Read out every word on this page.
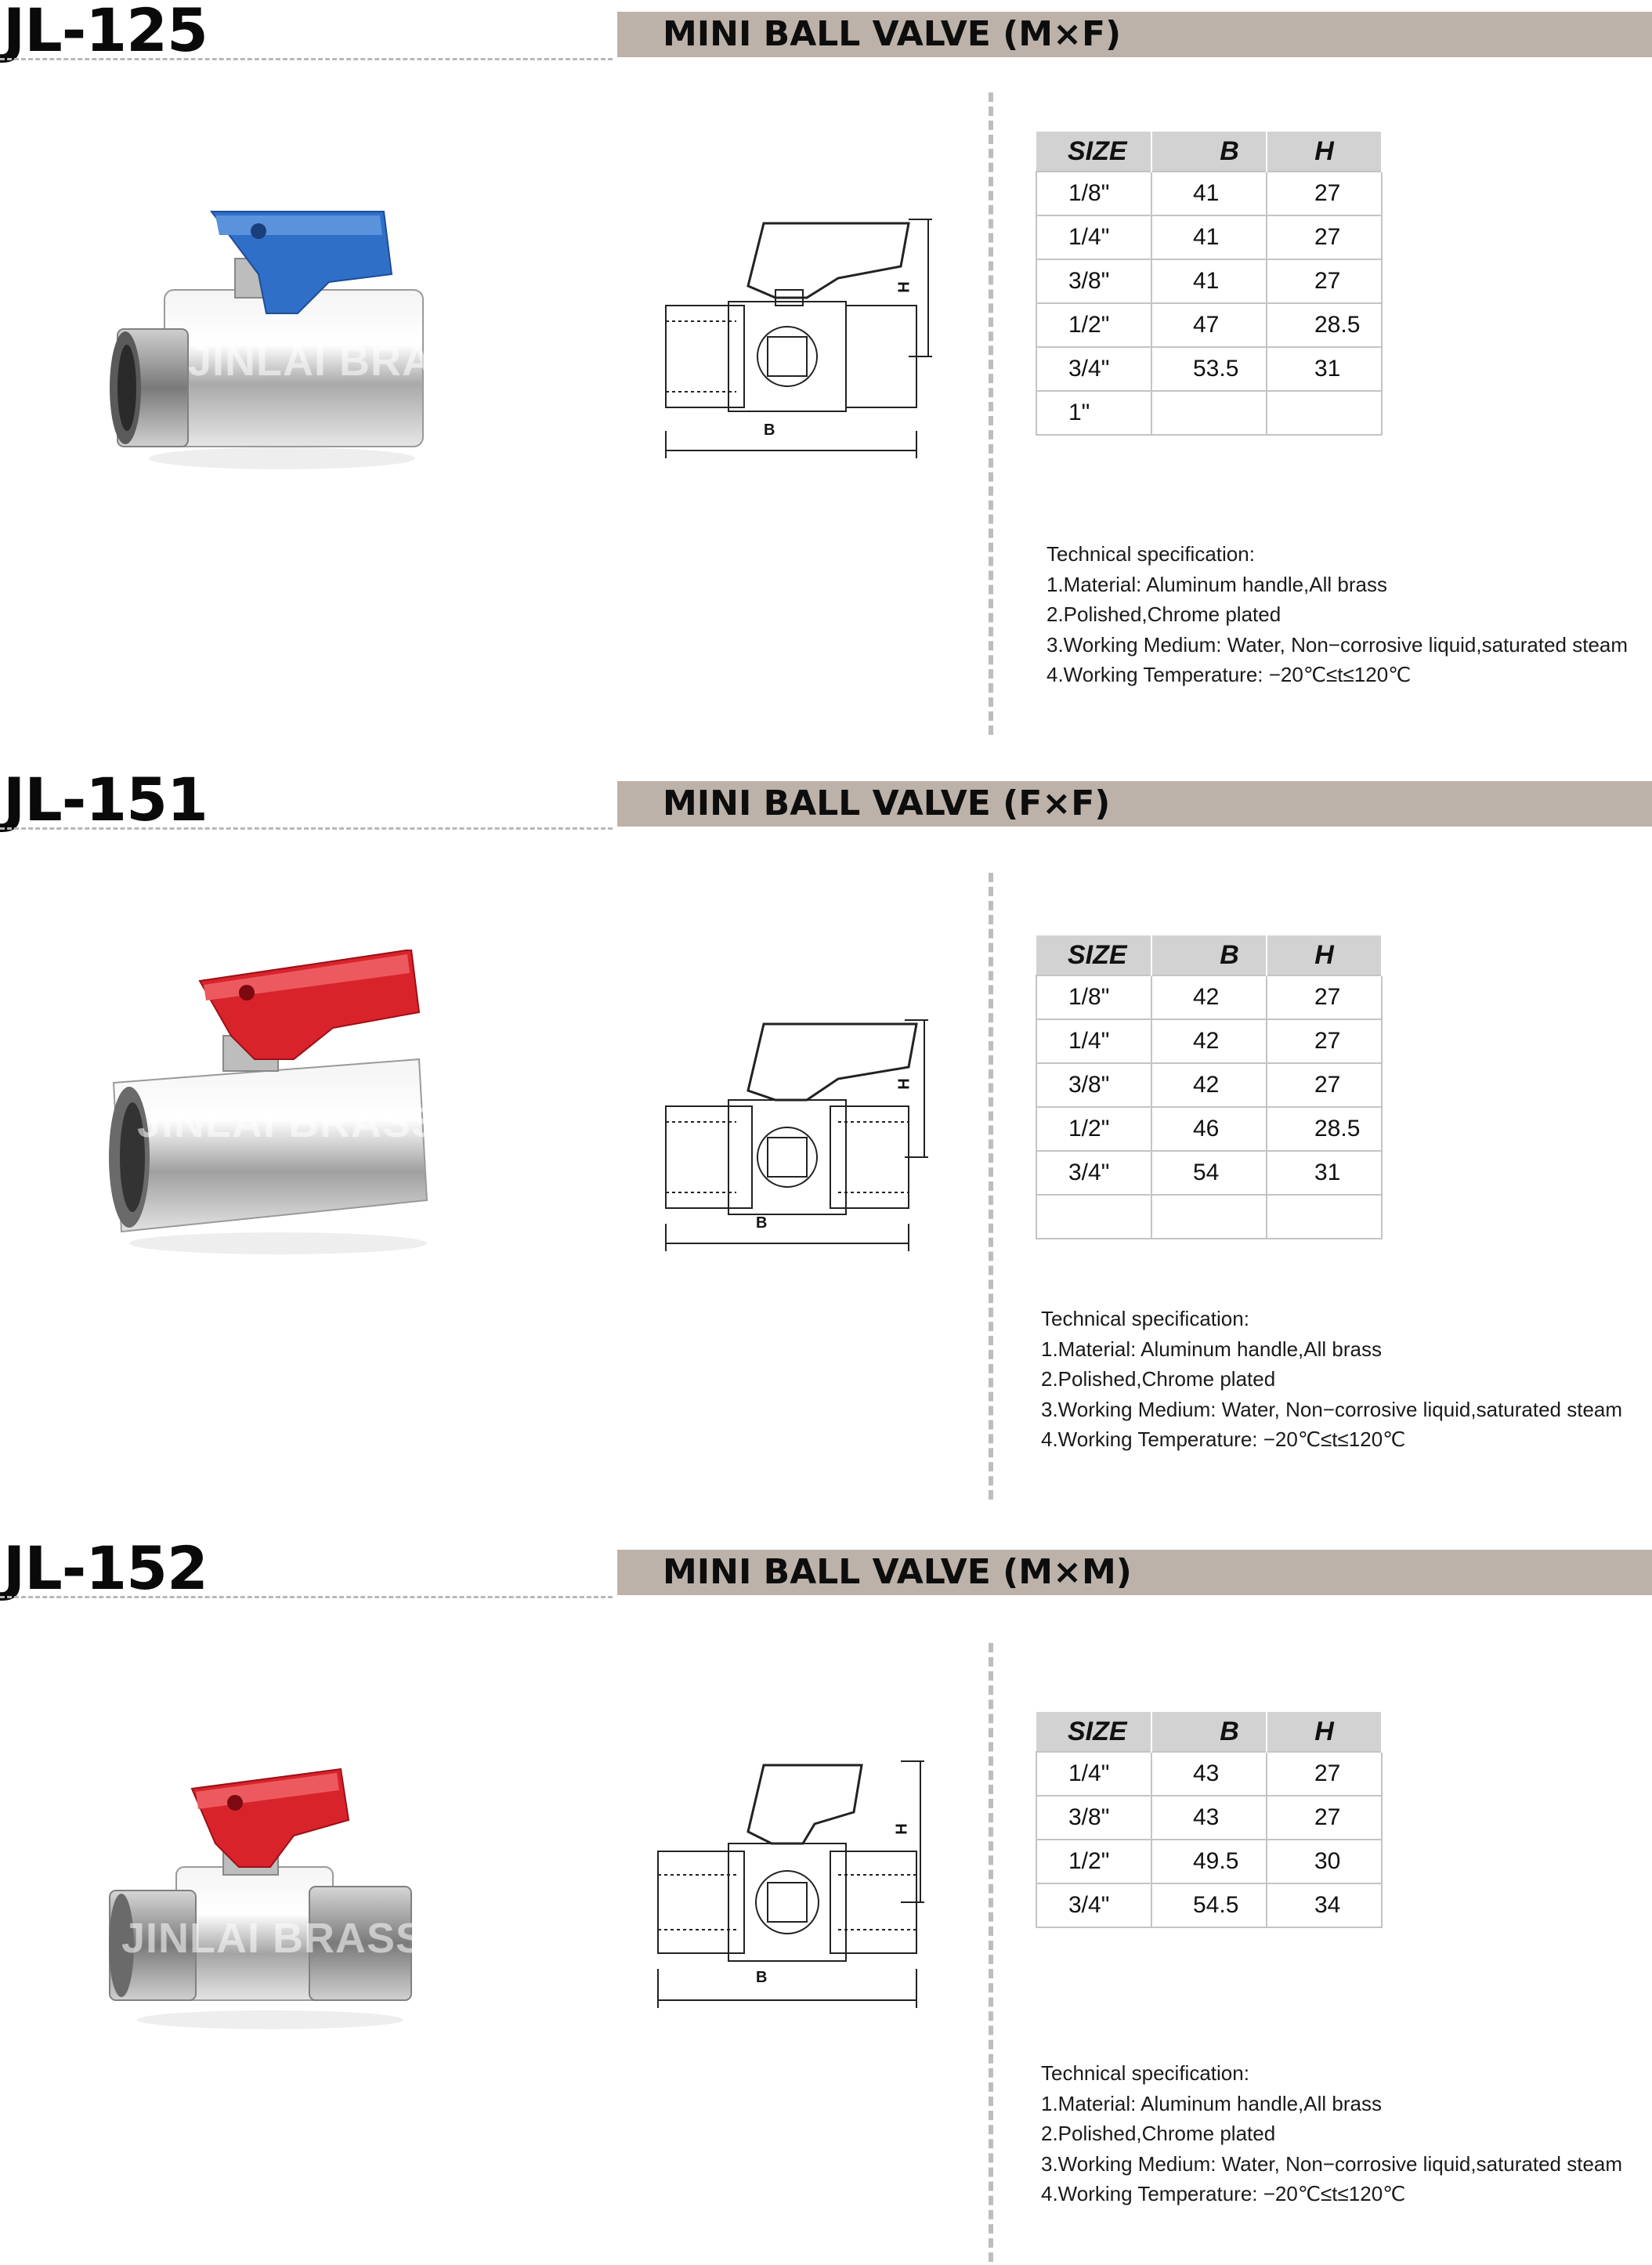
JL-125	MINI BALL VALVE (M×F)
JINLAI BRASS
B
H
SIZE	B	H
1/8"	41	27
1/4"	41	27
3/8"	41	27
1/2"	47	28.5
3/4"	53.5	31
1"		
Technical specification:
1.Material: Aluminum handle,All brass
2.Polished,Chrome plated
3.Working Medium: Water, Non−corrosive liquid,saturated steam
4.Working Temperature: −20℃≤t≤120℃
JL-151	MINI BALL VALVE (F×F)
JINLAI BRASS
B
H
SIZE	B	H
1/8"	42	27
1/4"	42	27
3/8"	42	27
1/2"	46	28.5
3/4"	54	31

Technical specification:
1.Material: Aluminum handle,All brass
2.Polished,Chrome plated
3.Working Medium: Water, Non−corrosive liquid,saturated steam
4.Working Temperature: −20℃≤t≤120℃
JL-152	MINI BALL VALVE (M×M)
JINLAI BRASS
B
H
SIZE	B	H
1/4"	43	27
3/8"	43	27
1/2"	49.5	30
3/4"	54.5	34
Technical specification:
1.Material: Aluminum handle,All brass
2.Polished,Chrome plated
3.Working Medium: Water, Non−corrosive liquid,saturated steam
4.Working Temperature: −20℃≤t≤120℃
